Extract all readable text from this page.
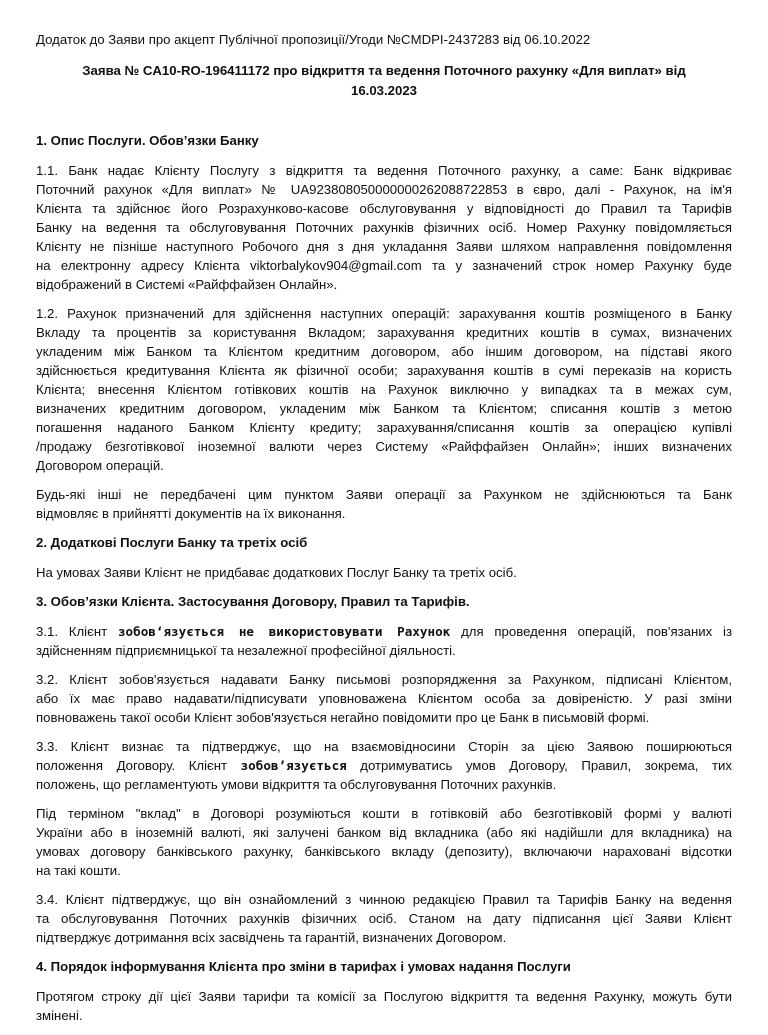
Додаток до Заяви про акцепт Публічної пропозиції/Угоди №CMDPI-2437283 від 06.10.2022
Заява № CA10-RO-196411172 про відкриття та ведення Поточного рахунку «Для виплат» від
16.03.2023
1. Опис Послуги. Обов’язки Банку

1.1. Банк надає Клієнту Послугу з відкриття та ведення Поточного рахунку, а саме: Банк відкриває
Поточний рахунок «Для виплат» № UA923808050000000262088722853 в євро, далі - Рахунок, на ім'я
Клієнта та здійснює його Розрахунково-касове обслуговування у відповідності до Правил та Тарифів
Банку на ведення та обслуговування Поточних рахунків фізичних осіб. Номер Рахунку повідомляється
Клієнту не пізніше наступного Робочого дня з дня укладання Заяви шляхом направлення повідомлення
на електронну адресу Клієнта viktorbalykov904@gmail.com та у зазначений строк номер Рахунку буде
відображений в Системі «Райффайзен Онлайн».

1.2. Рахунок призначений для здійснення наступних операцій: зарахування коштів розміщеного в Банку
Вкладу та процентів за користування Вкладом; зарахування кредитних коштів в сумах, визначених
укладеним між Банком та Клієнтом кредитним договором, або іншим договором, на підставі якого
здійснюється кредитування Клієнта як фізичної особи; зарахування коштів в сумі переказів на користь
Клієнта; внесення Клієнтом готівкових коштів на Рахунок виключно у випадках та в межах сум,
визначених кредитним договором, укладеним між Банком та Клієнтом; списання коштів з метою
погашення наданого Банком Клієнту кредиту; зарахування/списання коштів за операцією купівлі
/продажу безготівкової іноземної валюти через Систему «Райффайзен Онлайн»; інших визначених
Договором операцій.

Будь-які інші не передбачені цим пунктом Заяви операції за Рахунком не здійснюються та Банк
відмовляє в прийнятті документів на їх виконання.

2. Додаткові Послуги Банку та третіх осіб

На умовах Заяви Клієнт не придбаває додаткових Послуг Банку та третіх осіб.

3. Обов’язки Клієнта. Застосування Договору, Правил та Тарифів.

3.1. Клієнт зобов‘язується не використовувати Рахунок для проведення операцій, пов'язаних із
здійсненням підприємницької та незалежної професійної діяльності.

3.2. Клієнт зобов'язується надавати Банку письмові розпорядження за Рахунком, підписані Клієнтом,
або їх має право надавати/підписувати уповноважена Клієнтом особа за довіреністю. У разі зміни
повноважень такої особи Клієнт зобов'язується негайно повідомити про це Банк в письмовій формі.

3.3. Клієнт визнає та підтверджує, що на взаємовідносини Сторін за цією Заявою поширюються
положення Договору. Клієнт зобов’язується дотримуватись умов Договору, Правил, зокрема, тих
положень, що регламентують умови відкриття та обслуговування Поточних рахунків.

Під терміном "вклад" в Договорі розуміються кошти в готівковій або безготівковій формі у валюті
України або в іноземній валюті, які залучені банком від вкладника (або які надійшли для вкладника) на
умовах договору банківського рахунку, банківського вкладу (депозиту), включаючи нараховані відсотки
на такі кошти.

3.4. Клієнт підтверджує, що він ознайомлений з чинною редакцією Правил та Тарифів Банку на ведення
та обслуговування Поточних рахунків фізичних осіб. Станом на дату підписання цієї Заяви Клієнт
підтверджує дотримання всіх засвідчень та гарантій, визначених Договором.

4. Порядок інформування Клієнта про зміни в тарифах і умовах надання Послуги

Протягом строку дії цієї Заяви тарифи та комісії за Послугою відкриття та ведення Рахунку, можуть бути
змінені.
